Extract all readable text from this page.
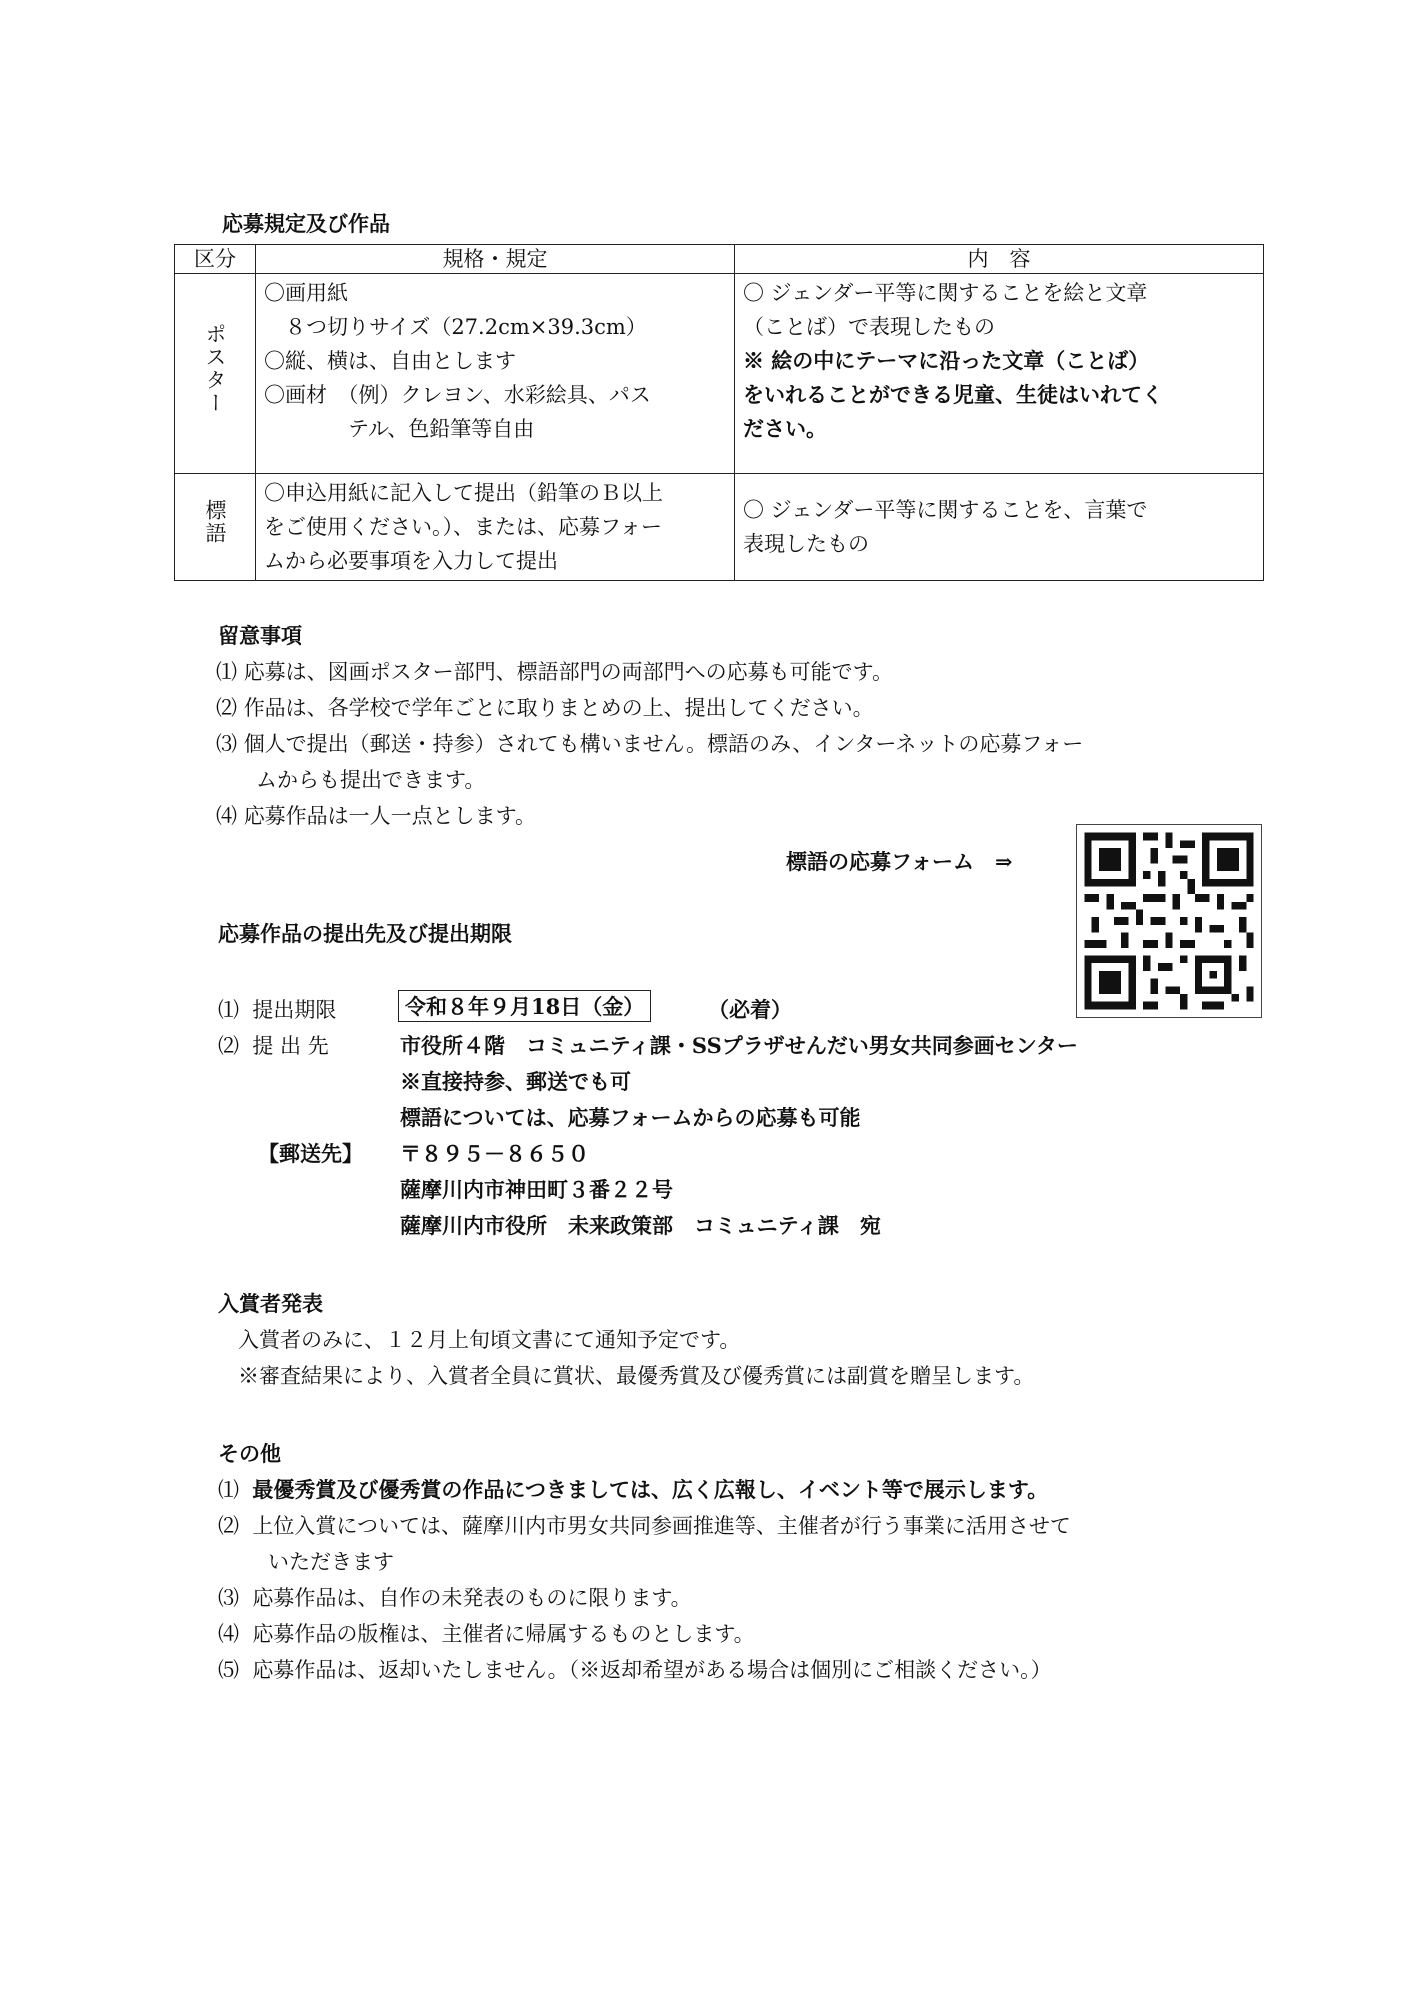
応募規定及び作品
区分	規格・規定	内　容
ポスター	〇画用紙
　８つ切りサイズ（27.2cm×39.3cm）
〇縦、横は、自由とします
〇画材　（例）クレヨン、水彩絵具、パス
　　　　テル、色鉛筆等自由	〇 ジェンダー平等に関することを絵と文章
（ことば）で表現したもの
※ 絵の中にテーマに沿った文章（ことば）
をいれることができる児童、生徒はいれてく
ださい。

標語	〇申込用紙に記入して提出（鉛筆のＢ以上
をご使用ください。）、または、応募フォー
ムから必要事項を入力して提出	〇 ジェンダー平等に関することを、言葉で
表現したもの
留意事項
⑴ 応募は、図画ポスター部門、標語部門の両部門への応募も可能です。
⑵ 作品は、各学校で学年ごとに取りまとめの上、提出してください。
⑶ 個人で提出（郵送・持参）されても構いません。標語のみ、インターネットの応募フォー
ムからも提出できます。
⑷ 応募作品は一人一点とします。
標語の応募フォーム　⇒
応募作品の提出先及び提出期限
⑴ 提出期限	令和８年９月18日（金）	（必着）
⑵ 提 出 先	市役所４階　コミュニティ課・SSプラザせんだい男女共同参画センター
※直接持参、郵送でも可
標語については、応募フォームからの応募も可能
【郵送先】 〒８９５－８６５０
薩摩川内市神田町３番２２号
薩摩川内市役所　未来政策部　コミュニティ課　宛
入賞者発表
入賞者のみに、１２月上旬頃文書にて通知予定です。
※審査結果により、入賞者全員に賞状、最優秀賞及び優秀賞には副賞を贈呈します。
その他
⑴ 最優秀賞及び優秀賞の作品につきましては、広く広報し、イベント等で展示します。
⑵ 上位入賞については、薩摩川内市男女共同参画推進等、主催者が行う事業に活用させて
いただきます
⑶ 応募作品は、自作の未発表のものに限ります。
⑷ 応募作品の版権は、主催者に帰属するものとします。
⑸ 応募作品は、返却いたしません。（※返却希望がある場合は個別にご相談ください。）
